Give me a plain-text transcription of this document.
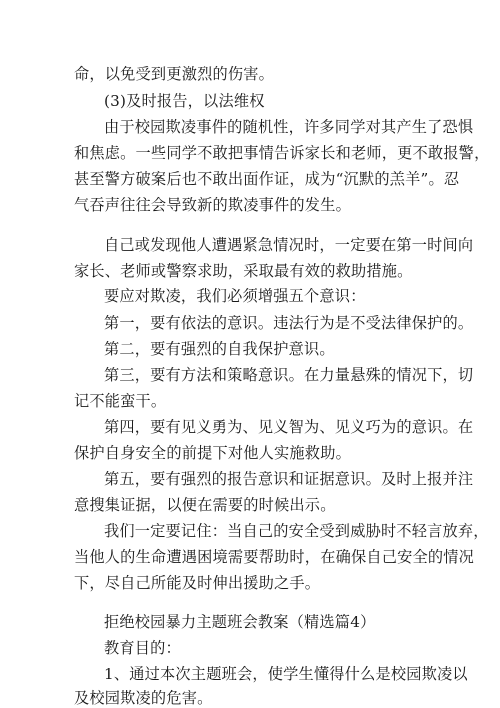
命，以免受到更激烈的伤害。
(3)及时报告，以法维权
由于校园欺凌事件的随机性，许多同学对其产生了恐惧
和焦虑。一些同学不敢把事情告诉家长和老师，更不敢报警，
甚至警方破案后也不敢出面作证，成为“沉默的羔羊”。忍
气吞声往往会导致新的欺凌事件的发生。
自己或发现他人遭遇紧急情况时，一定要在第一时间向
家长、老师或警察求助，采取最有效的救助措施。
要应对欺凌，我们必须增强五个意识：
第一，要有依法的意识。违法行为是不受法律保护的。
第二，要有强烈的自我保护意识。
第三，要有方法和策略意识。在力量悬殊的情况下，切
记不能蛮干。
第四，要有见义勇为、见义智为、见义巧为的意识。在
保护自身安全的前提下对他人实施救助。
第五，要有强烈的报告意识和证据意识。及时上报并注
意搜集证据，以便在需要的时候出示。
我们一定要记住：当自己的安全受到威胁时不轻言放弃，
当他人的生命遭遇困境需要帮助时，在确保自己安全的情况
下，尽自己所能及时伸出援助之手。
拒绝校园暴力主题班会教案（精选篇4）
教育目的：
1、通过本次主题班会，使学生懂得什么是校园欺凌以
及校园欺凌的危害。
